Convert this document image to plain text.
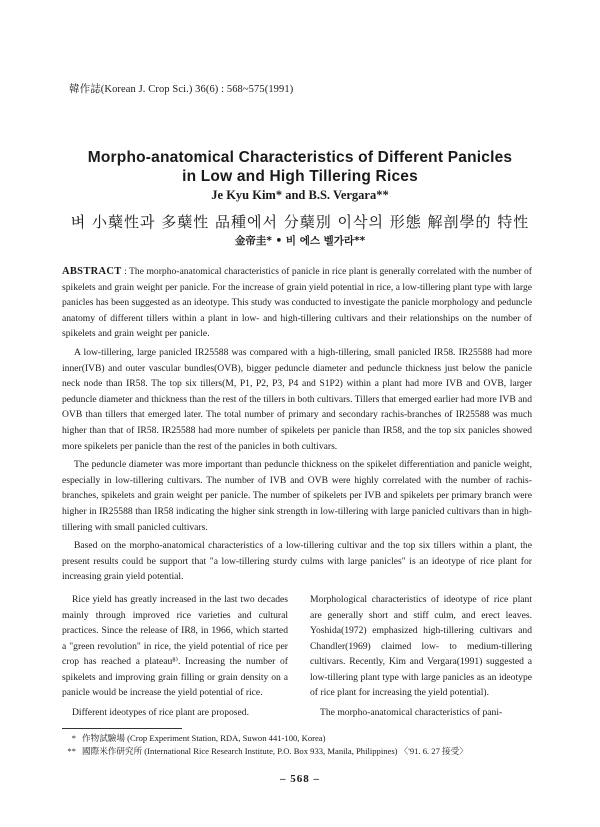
韓作誌(Korean J. Crop Sci.) 36(6) : 568~575(1991)
Morpho-anatomical Characteristics of Different Panicles
in Low and High Tillering Rices
Je Kyu Kim* and B.S. Vergara**
벼 小蘖性과 多蘖性 品種에서 分蘖別 이삭의 形態 解剖學的 特性
金帝圭* • 비 에스 벨가라**

ABSTRACT : The morpho-anatomical characteristics of panicle in rice plant is generally correlated with the number of spikelets and grain weight per panicle. For the increase of grain yield potential in rice, a low-tillering plant type with large panicles has been suggested as an ideotype. This study was conducted to investigate the panicle morphology and peduncle anatomy of different tillers within a plant in low- and high-tillering cultivars and their relationships on the number of spikelets and grain weight per panicle.

A low-tillering, large panicled IR25588 was compared with a high-tillering, small panicled IR58. IR25588 had more inner(IVB) and outer vascular bundles(OVB), bigger peduncle diameter and peduncle thickness just below the panicle neck node than IR58. The top six tillers(M, P1, P2, P3, P4 and S1P2) within a plant had more IVB and OVB, larger peduncle diameter and thickness than the rest of the tillers in both cultivars. Tillers that emerged earlier had more IVB and OVB than tillers that emerged later. The total number of primary and secondary rachis-branches of IR25588 was much higher than that of IR58. IR25588 had more number of spikelets per panicle than IR58, and the top six panicles showed more spikelets per panicle than the rest of the panicles in both cultivars.

The peduncle diameter was more important than peduncle thickness on the spikelet differentiation and panicle weight, especially in low-tillering cultivars. The number of IVB and OVB were highly correlated with the number of rachis-branches, spikelets and grain weight per panicle. The number of spikelets per IVB and spikelets per primary branch were higher in IR25588 than IR58 indicating the higher sink strength in low-tillering with large panicled cultivars than in high-tillering with small panicled cultivars.

Based on the morpho-anatomical characteristics of a low-tillering cultivar and the top six tillers within a plant, the present results could be support that "a low-tillering sturdy culms with large panicles" is an ideotype of rice plant for increasing grain yield potential.

Rice yield has greatly increased in the last two decades mainly through improved rice varieties and cultural practices. Since the release of IR8, in 1966, which started a "green revolution" in rice, the yield potential of rice per crop has reached a plateau⁸⁾. Increasing the number of spikelets and improving grain filling or grain density on a panicle would be increase the yield potential of rice.

Different ideotypes of rice plant are proposed.

Morphological characteristics of ideotype of rice plant are generally short and stiff culm, and erect leaves. Yoshida(1972) emphasized high-tillering cultivars and Chandler(1969) claimed low- to medium-tillering cultivars. Recently, Kim and Vergara(1991) suggested a low-tillering plant type with large panicles as an ideotype of rice plant for increasing the yield potential).

The morpho-anatomical characteristics of pani-

* 作物試驗場 (Crop Experiment Station, RDA, Suwon 441-100, Korea)
** 國際米作研究所 (International Rice Research Institute, P.O. Box 933, Manila, Philippines) 〈'91. 6. 27 接受〉
– 568 –
